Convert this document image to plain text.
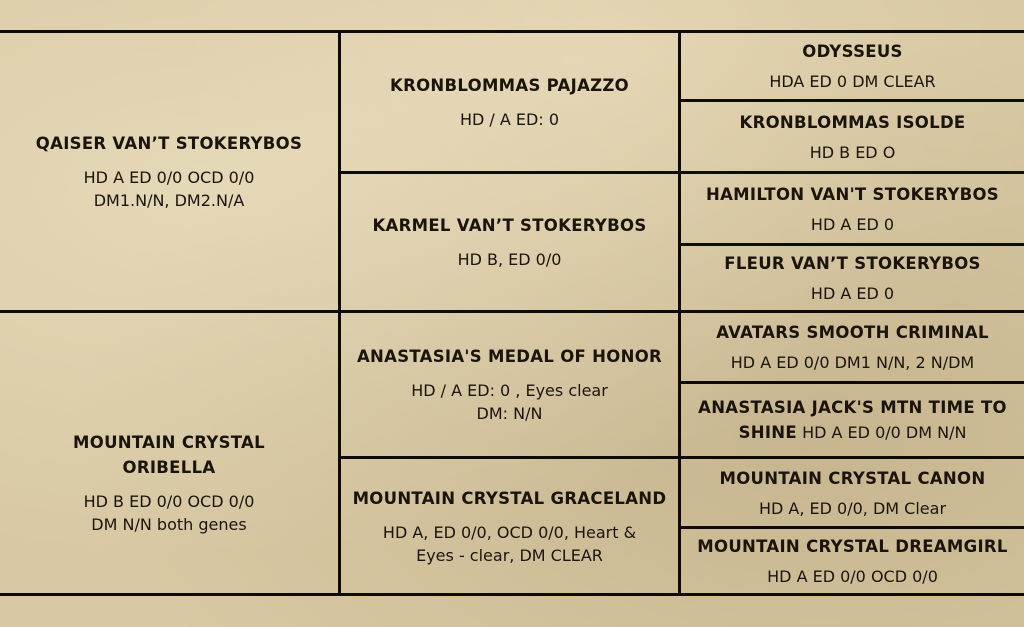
QAISER VAN’T STOKERYBOS
HD A ED 0/0 OCD 0/0
DM1.N/N, DM2.N/A
MOUNTAIN CRYSTAL
ORIBELLA
HD B ED 0/0 OCD 0/0
DM N/N both genes
KRONBLOMMAS PAJAZZO
HD / A ED: 0
KARMEL VAN’T STOKERYBOS
HD B, ED 0/0
ANASTASIA'S MEDAL OF HONOR
HD / A ED: 0 , Eyes clear
DM: N/N
MOUNTAIN CRYSTAL GRACELAND
HD A, ED 0/0, OCD 0/0, Heart &
Eyes - clear, DM CLEAR
ODYSSEUS
HDA ED 0 DM CLEAR
KRONBLOMMAS ISOLDE
HD B ED O
HAMILTON VAN'T STOKERYBOS
HD A ED 0
FLEUR VAN’T STOKERYBOS
HD A ED 0
AVATARS SMOOTH CRIMINAL
HD A ED 0/0 DM1 N/N, 2 N/DM
ANASTASIA JACK'S MTN TIME TO
SHINE HD A ED 0/0 DM N/N
MOUNTAIN CRYSTAL CANON
HD A, ED 0/0, DM Clear
MOUNTAIN CRYSTAL DREAMGIRL
HD A ED 0/0 OCD 0/0
